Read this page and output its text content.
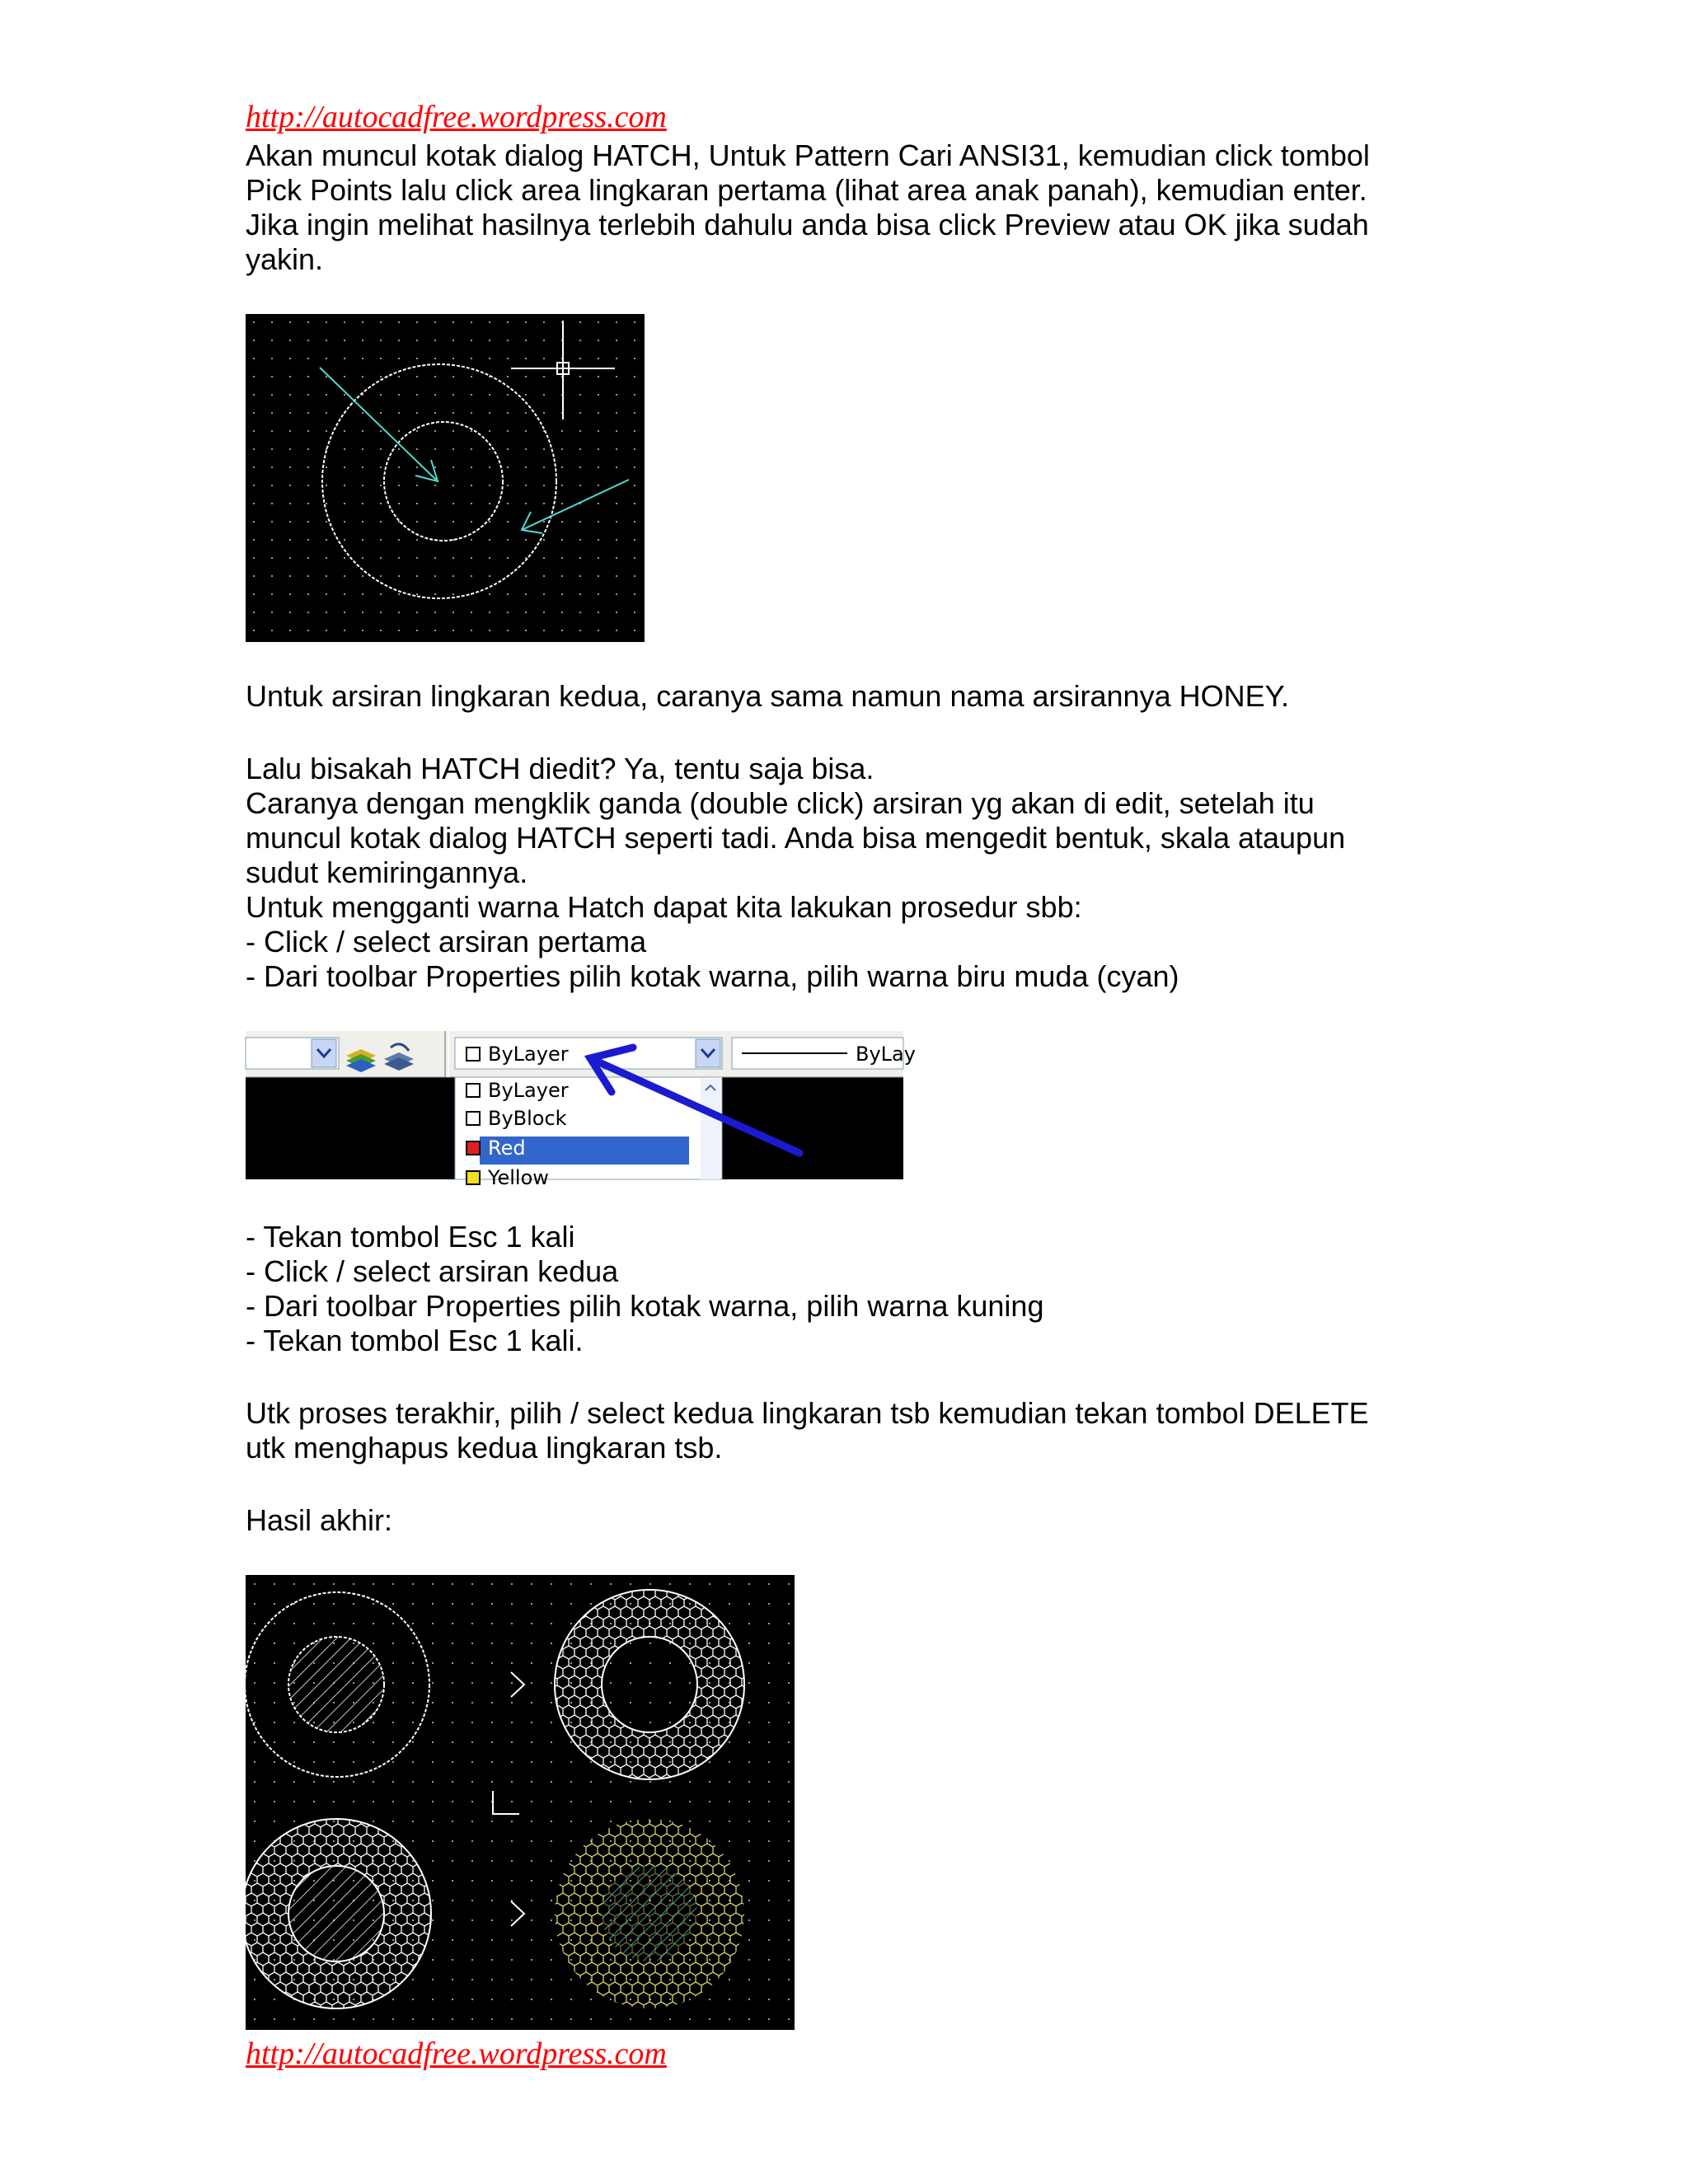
http://autocadfree.wordpress.com

Akan muncul kotak dialog HATCH, Untuk Pattern Cari ANSI31, kemudian click tombol
Pick Points lalu click area lingkaran pertama (lihat area anak panah), kemudian enter.
Jika ingin melihat hasilnya terlebih dahulu anda bisa click Preview atau OK jika sudah
yakin.

Untuk arsiran lingkaran kedua, caranya sama namun nama arsirannya HONEY.

Lalu bisakah HATCH diedit? Ya, tentu saja bisa.
Caranya dengan mengklik ganda (double click) arsiran yg akan di edit, setelah itu
muncul kotak dialog HATCH seperti tadi. Anda bisa mengedit bentuk, skala ataupun
sudut kemiringannya.
Untuk mengganti warna Hatch dapat kita lakukan prosedur sbb:
- Click / select arsiran pertama
- Dari toolbar Properties pilih kotak warna, pilih warna biru muda (cyan)

ByLayer	ByLay
ByLayer
ByBlock
Red
Yellow

- Tekan tombol Esc 1 kali
- Click / select arsiran kedua
- Dari toolbar Properties pilih kotak warna, pilih warna kuning
- Tekan tombol Esc 1 kali.

Utk proses terakhir, pilih / select kedua lingkaran tsb kemudian tekan tombol DELETE
utk menghapus kedua lingkaran tsb.

Hasil akhir:

http://autocadfree.wordpress.com
